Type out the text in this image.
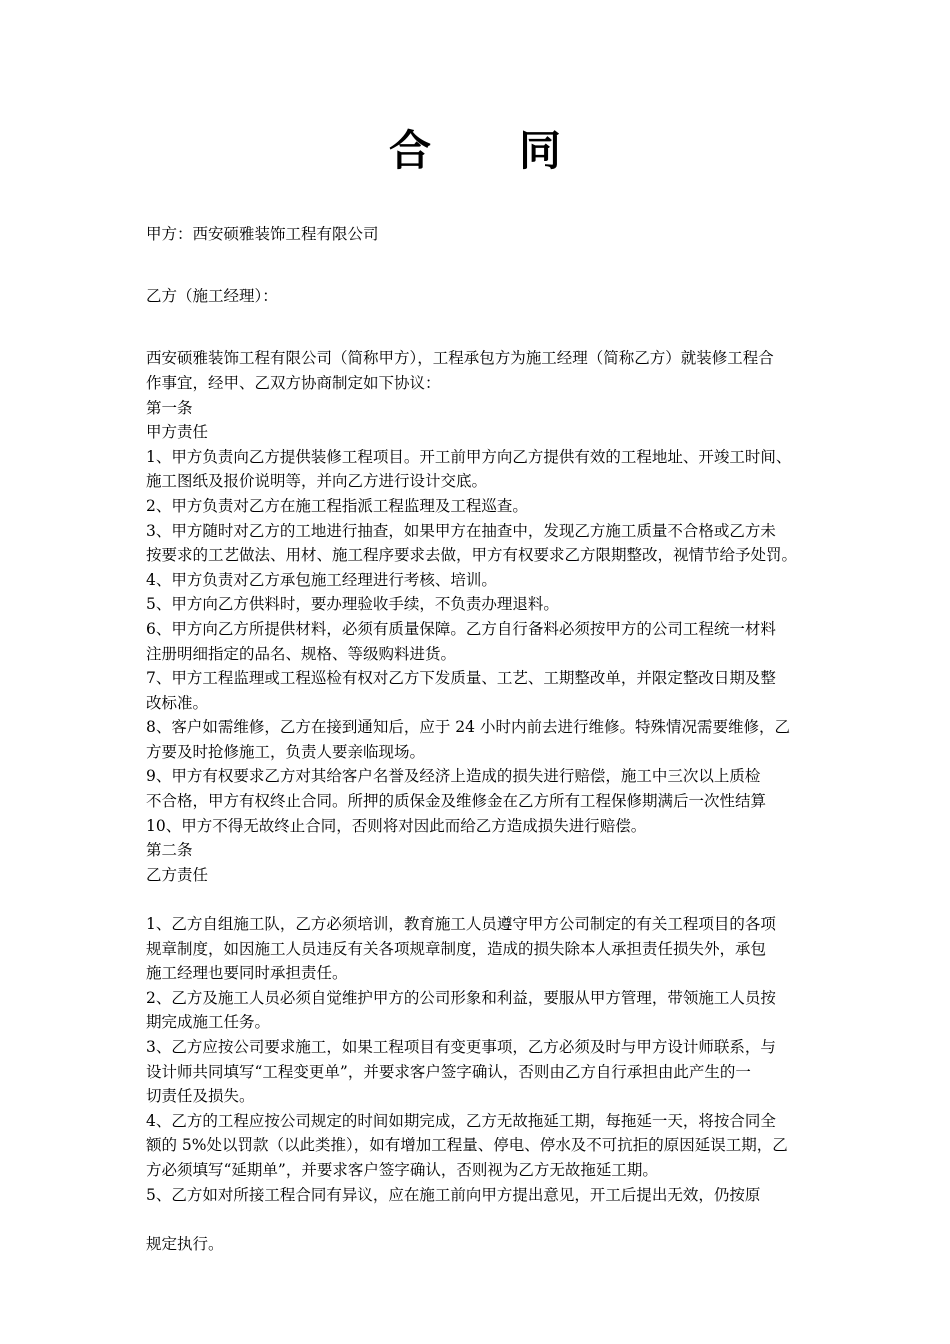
合 同
甲方：西安硕雅装饰工程有限公司
乙方（施工经理）：
西安硕雅装饰工程有限公司（简称甲方），工程承包方为施工经理（简称乙方）就装修工程合
作事宜，经甲、乙双方协商制定如下协议：
第一条
甲方责任
1、甲方负责向乙方提供装修工程项目。开工前甲方向乙方提供有效的工程地址、开竣工时间、
施工图纸及报价说明等，并向乙方进行设计交底。
2、甲方负责对乙方在施工程指派工程监理及工程巡查。
3、甲方随时对乙方的工地进行抽查，如果甲方在抽查中，发现乙方施工质量不合格或乙方未
按要求的工艺做法、用材、施工程序要求去做，甲方有权要求乙方限期整改，视情节给予处罚。
4、甲方负责对乙方承包施工经理进行考核、培训。
5、甲方向乙方供料时，要办理验收手续，不负责办理退料。
6、甲方向乙方所提供材料，必须有质量保障。乙方自行备料必须按甲方的公司工程统一材料
注册明细指定的品名、规格、等级购料进货。
7、甲方工程监理或工程巡检有权对乙方下发质量、工艺、工期整改单，并限定整改日期及整
改标准。
8、客户如需维修，乙方在接到通知后，应于 24 小时内前去进行维修。特殊情况需要维修，乙
方要及时抢修施工，负责人要亲临现场。
9、甲方有权要求乙方对其给客户名誉及经济上造成的损失进行赔偿，施工中三次以上质检
不合格，甲方有权终止合同。所押的质保金及维修金在乙方所有工程保修期满后一次性结算
10、甲方不得无故终止合同，否则将对因此而给乙方造成损失进行赔偿。
第二条
乙方责任
1、乙方自组施工队，乙方必须培训，教育施工人员遵守甲方公司制定的有关工程项目的各项
规章制度，如因施工人员违反有关各项规章制度，造成的损失除本人承担责任损失外，承包
施工经理也要同时承担责任。
2、乙方及施工人员必须自觉维护甲方的公司形象和利益，要服从甲方管理，带领施工人员按
期完成施工任务。
3、乙方应按公司要求施工，如果工程项目有变更事项，乙方必须及时与甲方设计师联系，与
设计师共同填写“工程变更单”，并要求客户签字确认，否则由乙方自行承担由此产生的一
切责任及损失。
4、乙方的工程应按公司规定的时间如期完成，乙方无故拖延工期，每拖延一天，将按合同全
额的 5%处以罚款（以此类推），如有增加工程量、停电、停水及不可抗拒的原因延误工期，乙
方必须填写“延期单”，并要求客户签字确认，否则视为乙方无故拖延工期。
5、乙方如对所接工程合同有异议，应在施工前向甲方提出意见，开工后提出无效，仍按原
规定执行。
